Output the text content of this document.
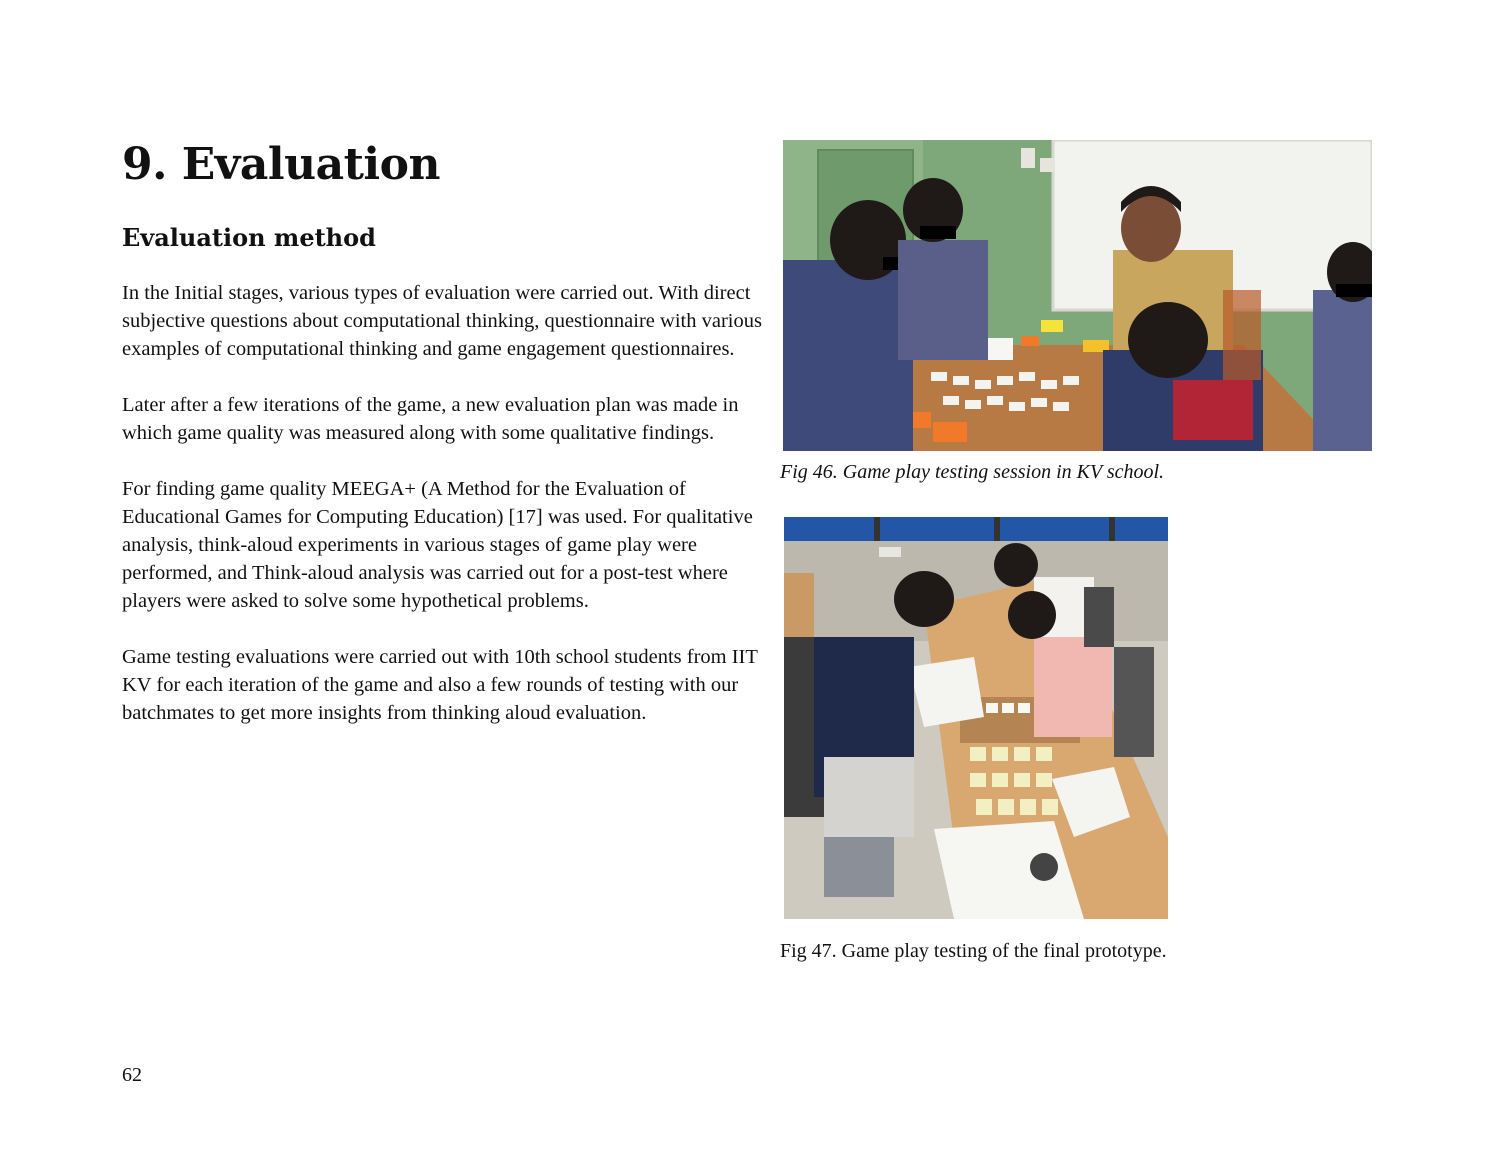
9. Evaluation
Evaluation method

In the Initial stages, various types of evaluation were carried out. With direct subjective questions about computational thinking, questionnaire with various examples of computational thinking and game engagement questionnaires.

Later after a few iterations of the game, a new evaluation plan was made in which game quality was measured along with some qualitative findings.

For finding game quality MEEGA+ (A Method for the Evaluation of Educational Games for Computing Education) [17] was used. For qualitative analysis, think-aloud experiments in various stages of game play were performed, and Think-aloud analysis was carried out for a post-test where players were asked to solve some hypothetical problems.

Game testing evaluations were carried out with 10th school students from IIT KV for each iteration of the game and also a few rounds of testing with our batchmates to get more insights from thinking aloud evaluation.

Fig 46. Game play testing session in KV school.

Fig 47. Game play testing of the final prototype.

62
